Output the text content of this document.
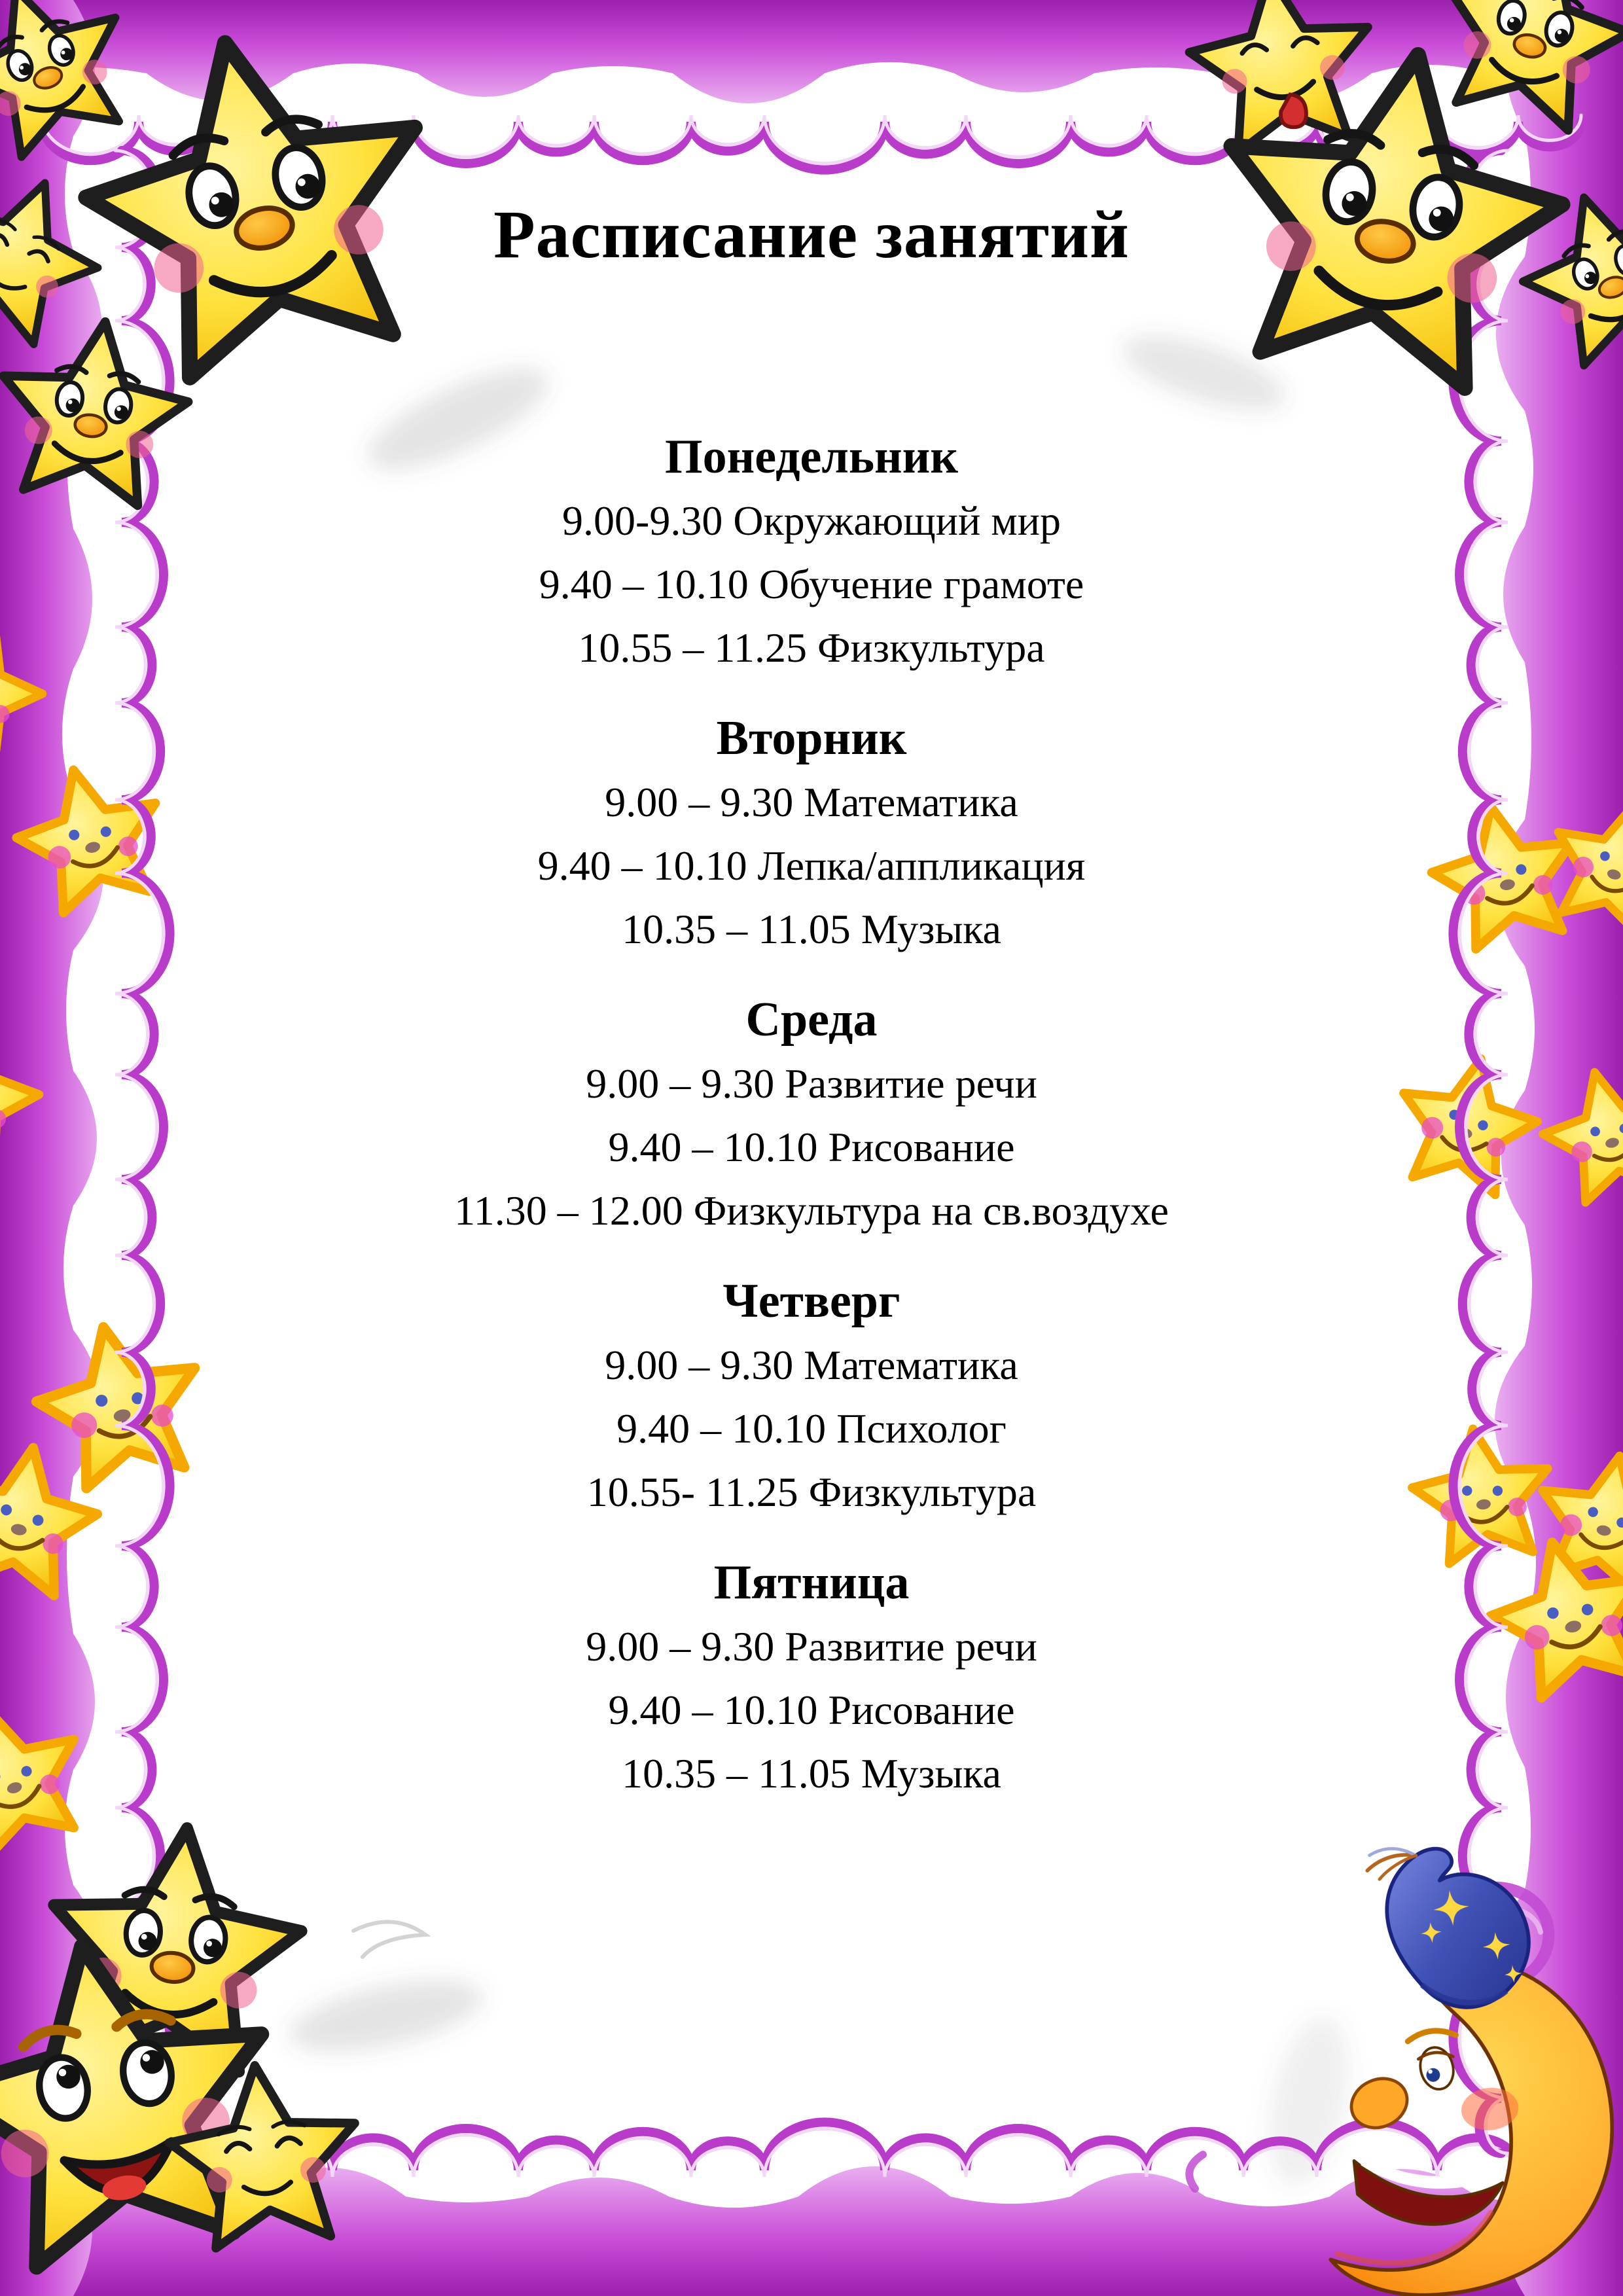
Расписание занятий
Понедельник

9.00-9.30 Окружающий мир

9.40 – 10.10 Обучение грамоте

10.55 – 11.25 Физкультура

Вторник

9.00 – 9.30 Математика

9.40 – 10.10 Лепка/аппликация

10.35 – 11.05 Музыка

Среда

9.00 – 9.30 Развитие речи

9.40 – 10.10 Рисование

11.30 – 12.00 Физкультура на св.воздухе

Четверг

9.00 – 9.30 Математика

9.40 – 10.10 Психолог

10.55- 11.25 Физкультура

Пятница

9.00 – 9.30 Развитие речи

9.40 – 10.10 Рисование

10.35 – 11.05 Музыка
